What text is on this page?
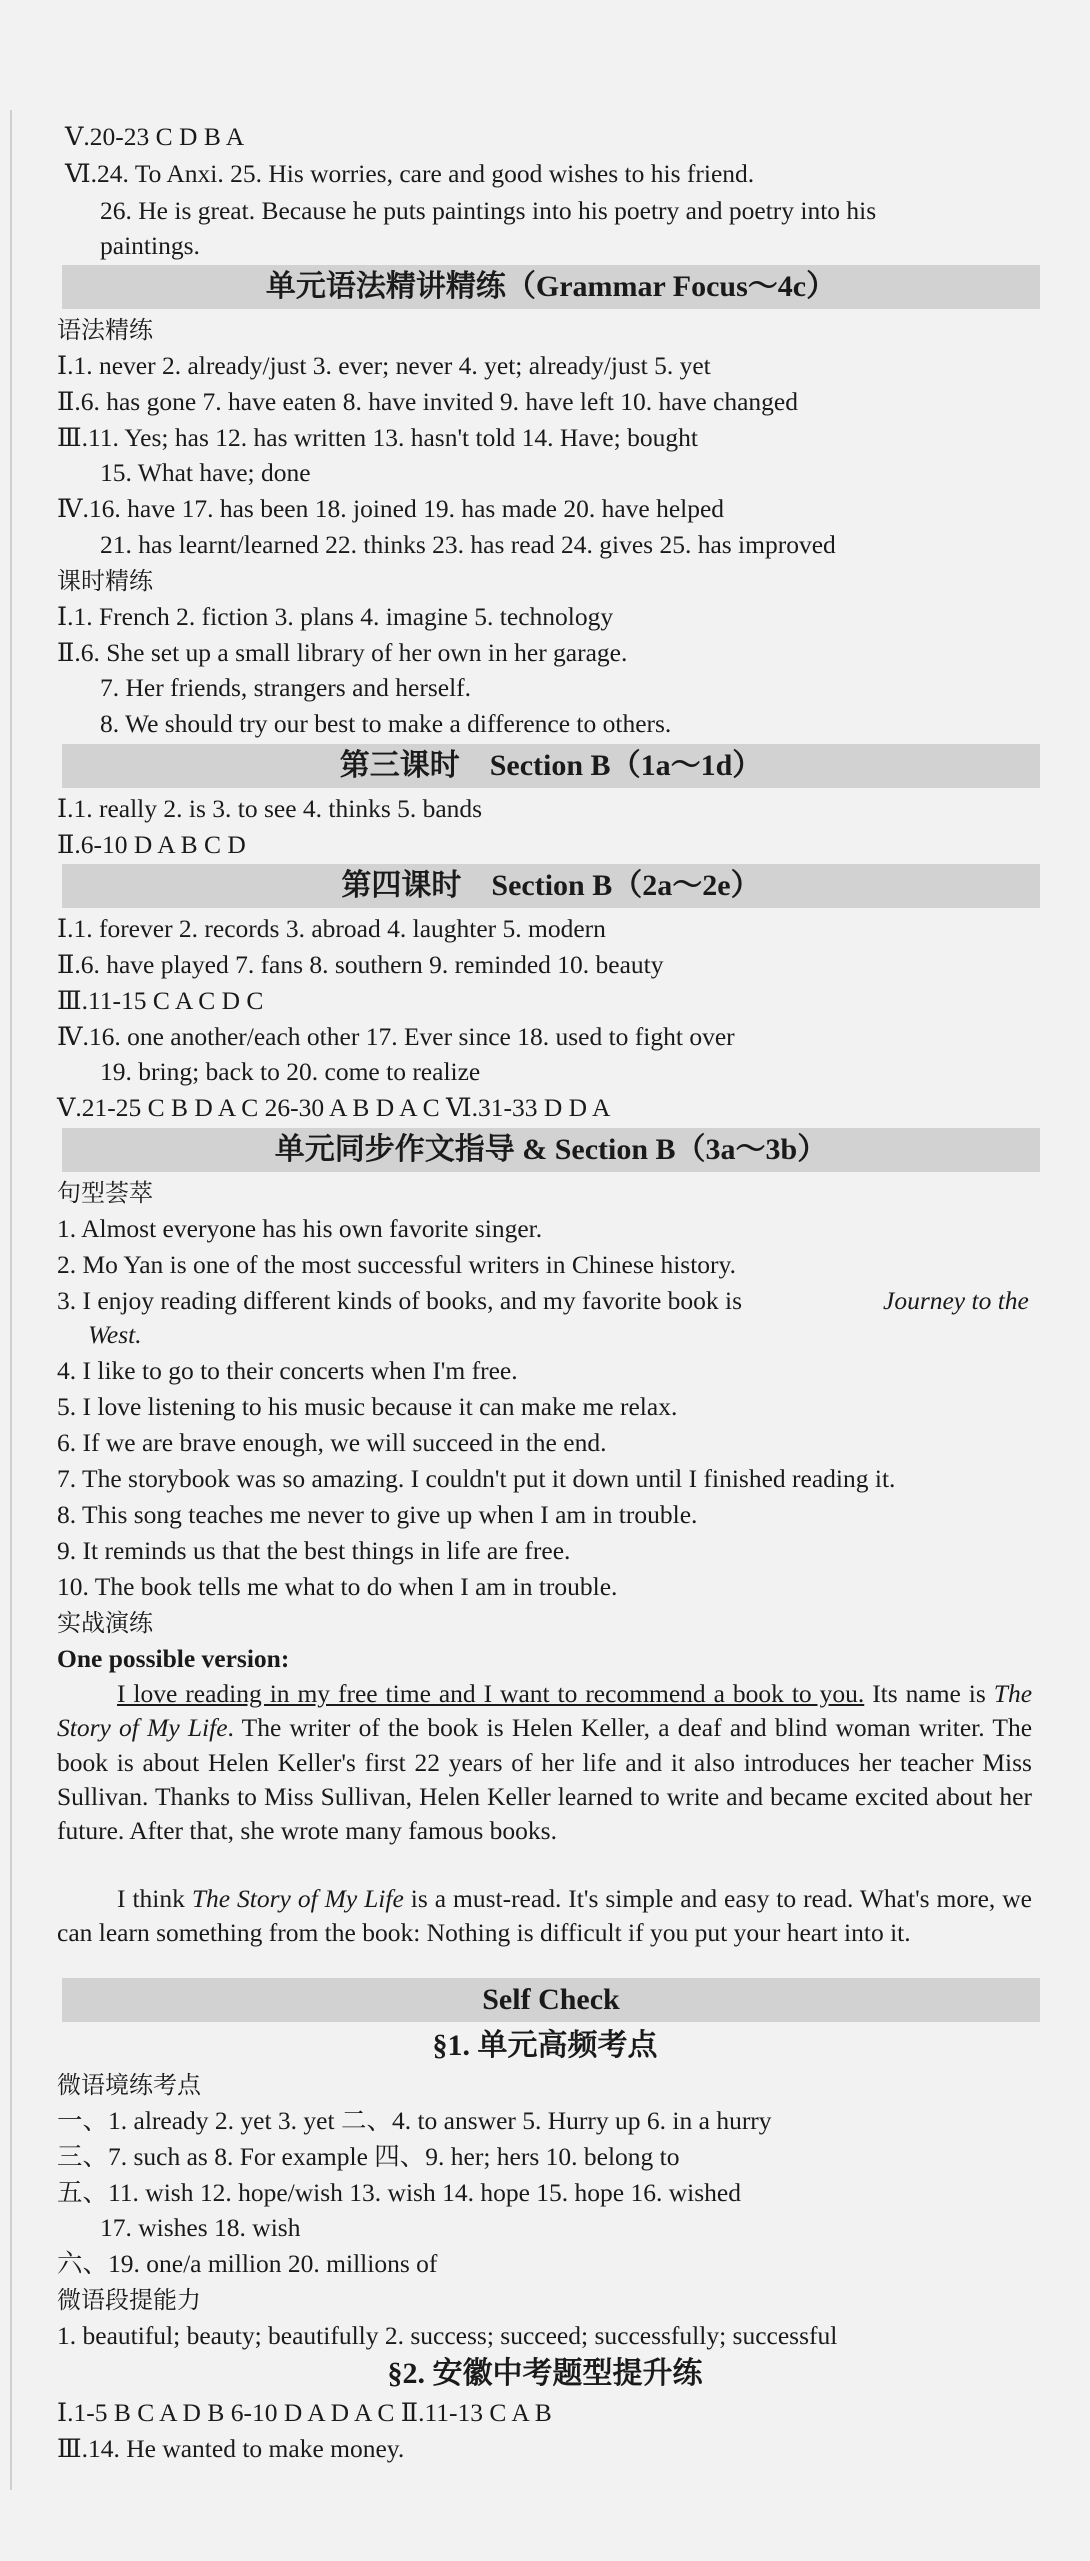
Ⅴ.20-23 C D B A
Ⅵ.24. To Anxi. 25. His worries, care and good wishes to his friend.
26. He is great. Because he puts paintings into his poetry and poetry into his
paintings.
单元语法精讲精练（Grammar Focus～4c）
语法精练
Ⅰ.1. never 2. already/just 3. ever; never 4. yet; already/just 5. yet
Ⅱ.6. has gone 7. have eaten 8. have invited 9. have left 10. have changed
Ⅲ.11. Yes; has 12. has written 13. hasn't told 14. Have; bought
15. What have; done
Ⅳ.16. have 17. has been 18. joined 19. has made 20. have helped
21. has learnt/learned 22. thinks 23. has read 24. gives 25. has improved
课时精练
Ⅰ.1. French 2. fiction 3. plans 4. imagine 5. technology
Ⅱ.6. She set up a small library of her own in her garage.
7. Her friends, strangers and herself.
8. We should try our best to make a difference to others.
第三课时　Section B（1a～1d）
Ⅰ.1. really 2. is 3. to see 4. thinks 5. bands
Ⅱ.6-10 D A B C D
第四课时　Section B（2a～2e）
Ⅰ.1. forever 2. records 3. abroad 4. laughter 5. modern
Ⅱ.6. have played 7. fans 8. southern 9. reminded 10. beauty
Ⅲ.11-15 C A C D C
Ⅳ.16. one another/each other 17. Ever since 18. used to fight over
19. bring; back to 20. come to realize
Ⅴ.21-25 C B D A C 26-30 A B D A C Ⅵ.31-33 D D A
单元同步作文指导 & Section B（3a～3b）
句型荟萃
1. Almost everyone has his own favorite singer.
2. Mo Yan is one of the most successful writers in Chinese history.
3. I enjoy reading different kinds of books, and my favorite book is	Journey to the
West.
4. I like to go to their concerts when I'm free.
5. I love listening to his music because it can make me relax.
6. If we are brave enough, we will succeed in the end.
7. The storybook was so amazing. I couldn't put it down until I finished reading it.
8. This song teaches me never to give up when I am in trouble.
9. It reminds us that the best things in life are free.
10. The book tells me what to do when I am in trouble.
实战演练
One possible version:
I love reading in my free time and I want to recommend a book to you. Its name is The Story of My Life. The writer of the book is Helen Keller, a deaf and blind woman writer. The book is about Helen Keller's first 22 years of her life and it also introduces her teacher Miss Sullivan. Thanks to Miss Sullivan, Helen Keller learned to write and became excited about her future. After that, she wrote many famous books.
I think The Story of My Life is a must-read. It's simple and easy to read. What's more, we can learn something from the book: Nothing is difficult if you put your heart into it.
Self Check
§1. 单元高频考点
微语境练考点
一、1. already 2. yet 3. yet 二、4. to answer 5. Hurry up 6. in a hurry
三、7. such as 8. For example 四、9. her; hers 10. belong to
五、11. wish 12. hope/wish 13. wish 14. hope 15. hope 16. wished
17. wishes 18. wish
六、19. one/a million 20. millions of
微语段提能力
1. beautiful; beauty; beautifully 2. success; succeed; successfully; successful
§2. 安徽中考题型提升练
Ⅰ.1-5 B C A D B 6-10 D A D A C Ⅱ.11-13 C A B
Ⅲ.14. He wanted to make money.
